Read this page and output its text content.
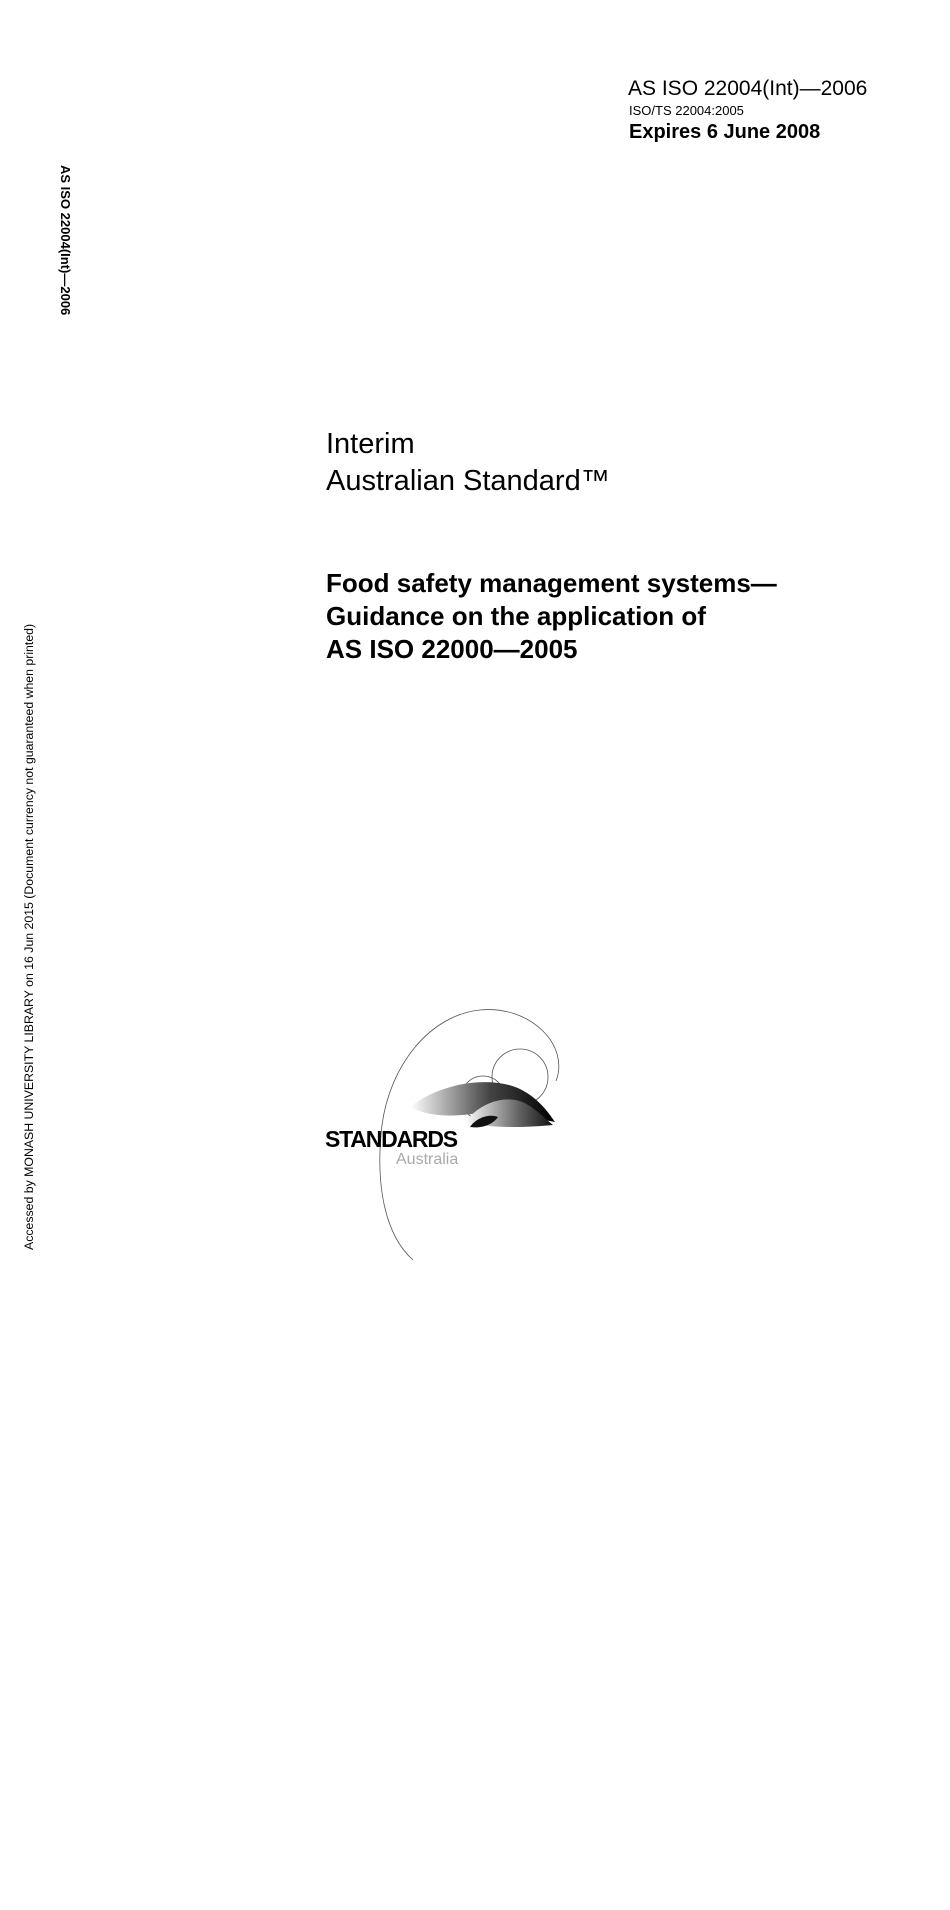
AS ISO 22004(Int)—2006
ISO/TS 22004:2005
Expires 6 June 2008
AS ISO 22004(Int)—2006
Accessed by MONASH UNIVERSITY LIBRARY on 16 Jun 2015 (Document currency not guaranteed when printed)
Interim
Australian Standard™
Food safety management systems—
Guidance on the application of
AS ISO 22000—2005
STANDARDS
Australia
